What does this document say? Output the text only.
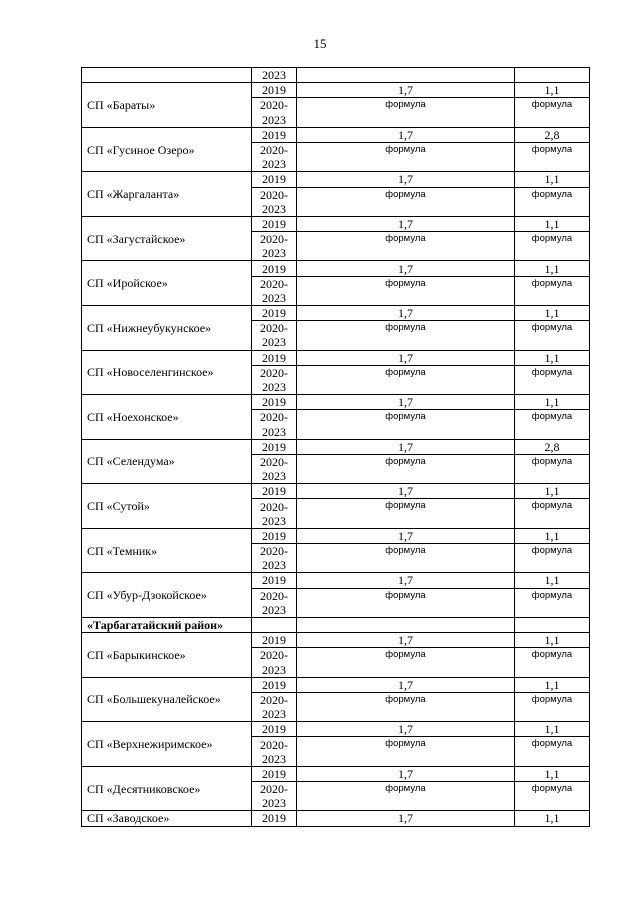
15
	2023		
СП «Бараты»	2019	1,7	1,1
	2020-	формула	формула
	2023		
СП «Гусиное Озеро»	2019	1,7	2,8
	2020-	формула	формула
	2023		
СП «Жаргаланта»	2019	1,7	1,1
	2020-	формула	формула
	2023		
СП «Загустайское»	2019	1,7	1,1
	2020-	формула	формула
	2023		
СП «Иройское»	2019	1,7	1,1
	2020-	формула	формула
	2023		
СП «Нижнеубукунское»	2019	1,7	1,1
	2020-	формула	формула
	2023		
СП «Новоселенгинское»	2019	1,7	1,1
	2020-	формула	формула
	2023		
СП «Ноехонское»	2019	1,7	1,1
	2020-	формула	формула
	2023		
СП «Селендума»	2019	1,7	2,8
	2020-	формула	формула
	2023		
СП «Сутой»	2019	1,7	1,1
	2020-	формула	формула
	2023		
СП «Темник»	2019	1,7	1,1
	2020-	формула	формула
	2023		
СП «Убур-Дзокойское»	2019	1,7	1,1
	2020-	формула	формула
	2023		
«Тарбагатайский район»			
СП «Барыкинское»	2019	1,7	1,1
	2020-	формула	формула
	2023		
СП «Большекуналейское»	2019	1,7	1,1
	2020-	формула	формула
	2023		
СП «Верхнежиримское»	2019	1,7	1,1
	2020-	формула	формула
	2023		
СП «Десятниковское»	2019	1,7	1,1
	2020-	формула	формула
	2023		
СП «Заводское»	2019	1,7	1,1
